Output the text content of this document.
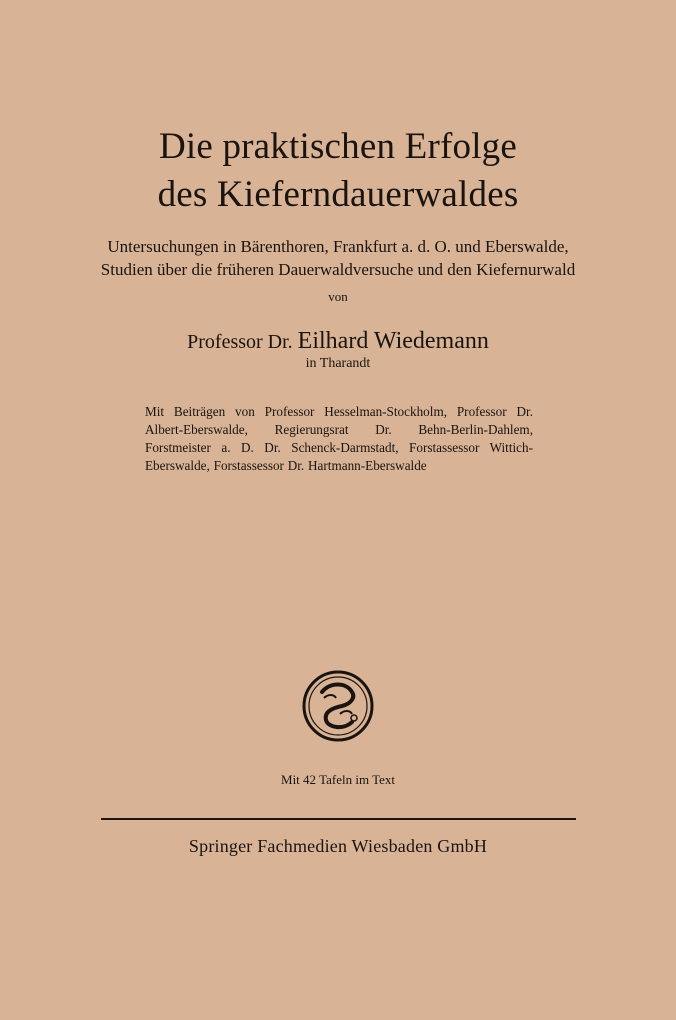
Die praktischen Erfolge
des Kieferndauerwaldes
Untersuchungen in Bärenthoren, Frankfurt a. d. O. und Eberswalde,
Studien über die früheren Dauerwaldversuche und den Kiefernurwald
von
Professor Dr. Eilhard Wiedemann
in Tharandt
Mit Beiträgen von Professor Hesselman-Stockholm, Professor Dr. Albert-Eberswalde, Regierungsrat Dr. Behn-Berlin-Dahlem, Forstmeister a. D. Dr. Schenck-Darmstadt, Forstassessor Wittich-Eberswalde, Forstassessor Dr. Hartmann-Eberswalde
Mit 42 Tafeln im Text
Springer Fachmedien Wiesbaden GmbH
